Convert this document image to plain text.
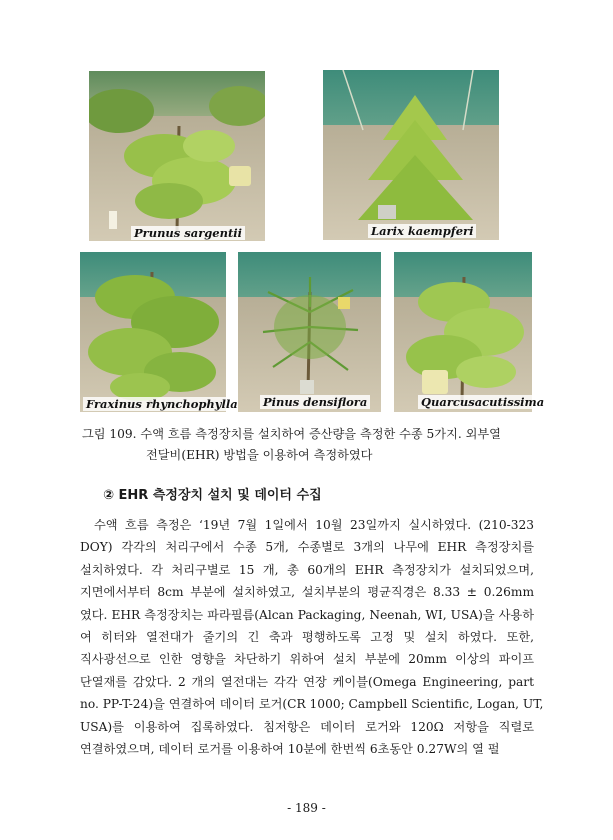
Prunus sargentii	Larix kaempferi
Fraxinus rhynchophylla Pinus densiflora	Quarcusacutissima

그림 109. 수액 흐름 측정장치를 설치하여 증산량을 측정한 수종 5가지. 외부열
전달비(EHR) 방법을 이용하여 측정하였다

② EHR 측정장치 설치 및 데이터 수집

수액 흐름 측정은 ‘19년 7월 1일에서 10월 23일까지 실시하였다. (210-323
DOY) 각각의 처리구에서 수종 5개, 수종별로 3개의 나무에 EHR 측정장치를
설치하였다. 각 처리구별로 15 개, 총 60개의 EHR 측정장치가 설치되었으며,
지면에서부터 8cm 부분에 설치하였고, 설치부분의 평균직경은 8.33 ± 0.26mm
였다. EHR 측정장치는 파라필름(Alcan Packaging, Neenah, WI, USA)을 사용하
여 히터와 열전대가 줄기의 긴 축과 평행하도록 고정 및 설치 하였다. 또한,
직사광선으로 인한 영향을 차단하기 위하여 설치 부분에 20mm 이상의 파이프
단열재를 감았다. 2 개의 열전대는 각각 연장 케이블(Omega Engineering, part
no. PP-T-24)을 연결하여 데이터 로거(CR 1000; Campbell Scientific, Logan, UT,
USA)를 이용하여 집록하였다. 침저항은 데이터 로거와 120Ω 저항을 직렬로
연결하였으며, 데이터 로거를 이용하여 10분에 한번씩 6초동안 0.27W의 열 펄

- 189 -
